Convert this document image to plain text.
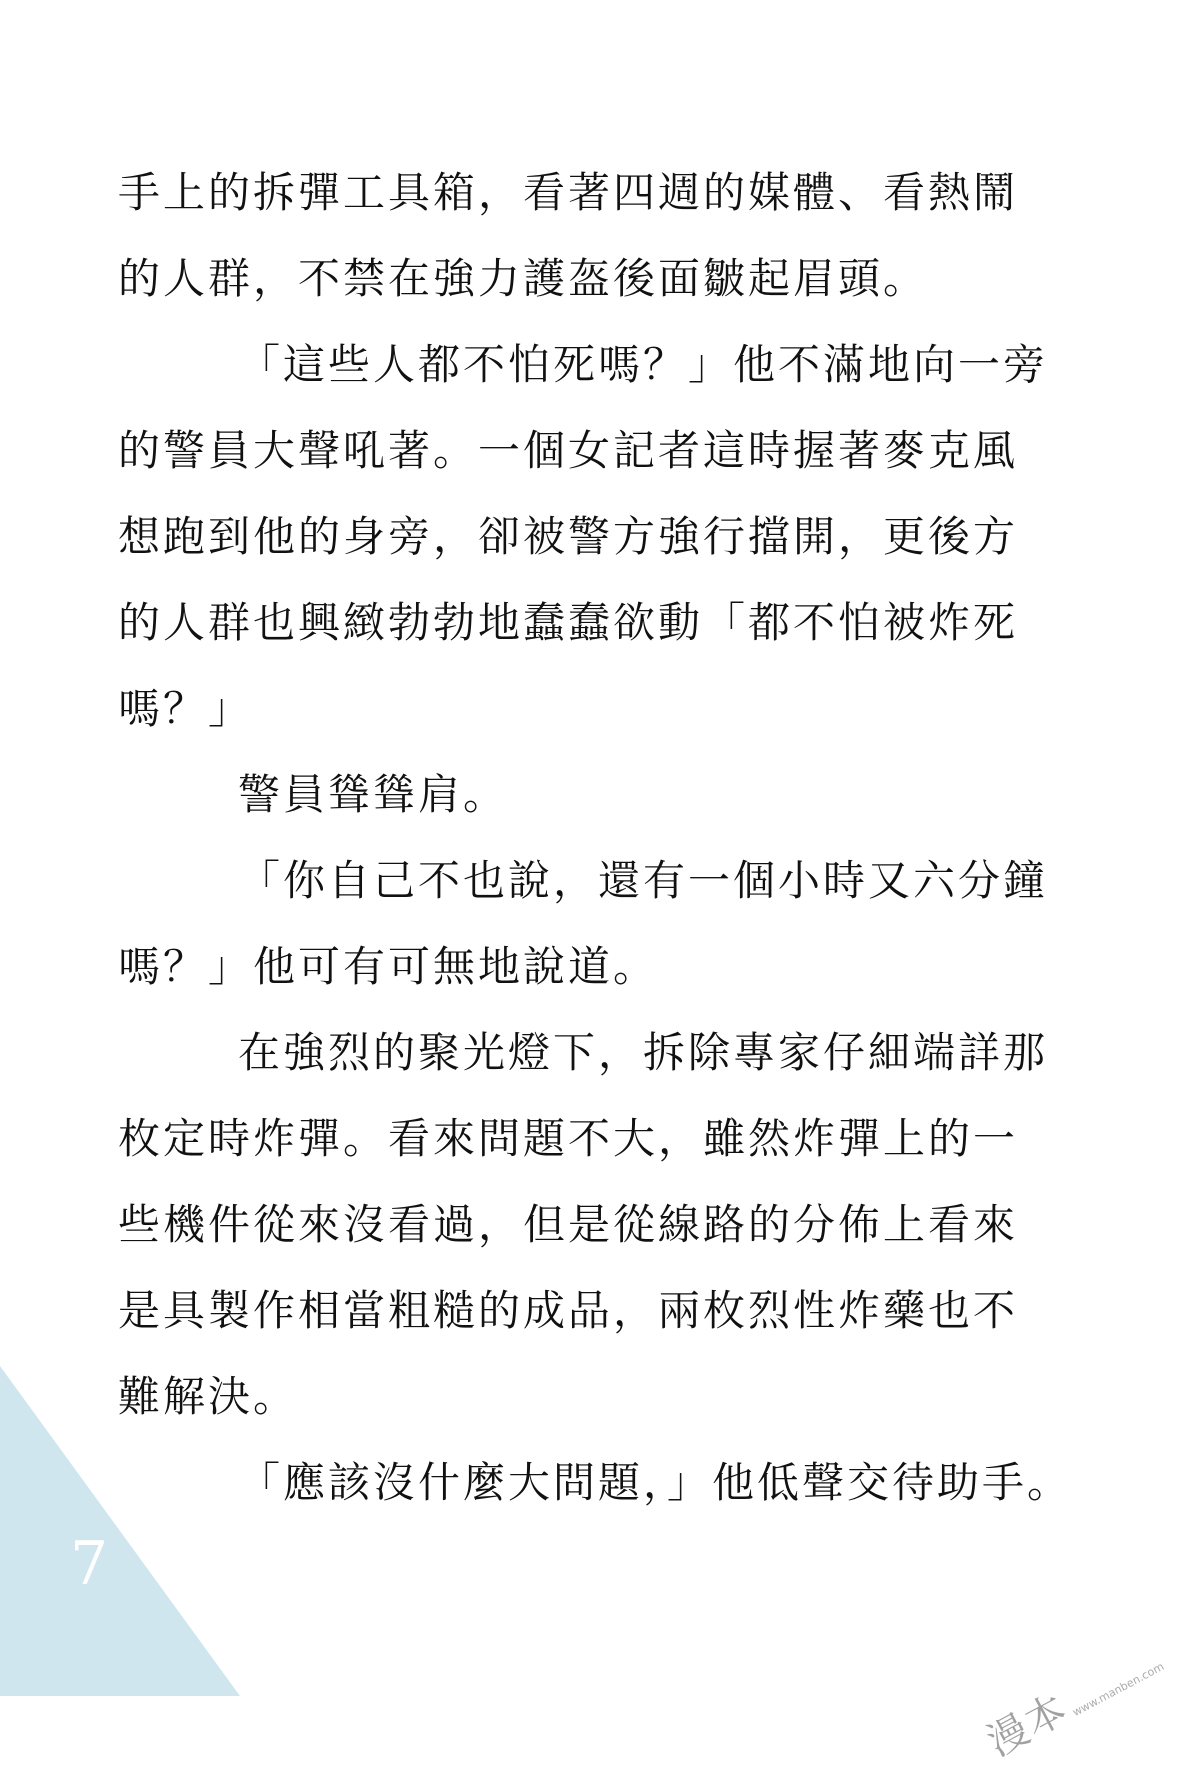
手上的拆彈工具箱，看著四週的媒體、看熱鬧
的人群，不禁在強力護盔後面皺起眉頭。
「這些人都不怕死嗎？」他不滿地向一旁
的警員大聲吼著。一個女記者這時握著麥克風
想跑到他的身旁，卻被警方強行擋開，更後方
的人群也興緻勃勃地蠢蠢欲動「都不怕被炸死
嗎？」
警員聳聳肩。
「你自己不也說，還有一個小時又六分鐘
嗎？」他可有可無地說道。
在強烈的聚光燈下，拆除專家仔細端詳那
枚定時炸彈。看來問題不大，雖然炸彈上的一
些機件從來沒看過，但是從線路的分佈上看來
是具製作相當粗糙的成品，兩枚烈性炸藥也不
難解決。
「應該沒什麼大問題，」他低聲交待助手。
7
漫本
www.manben.com
